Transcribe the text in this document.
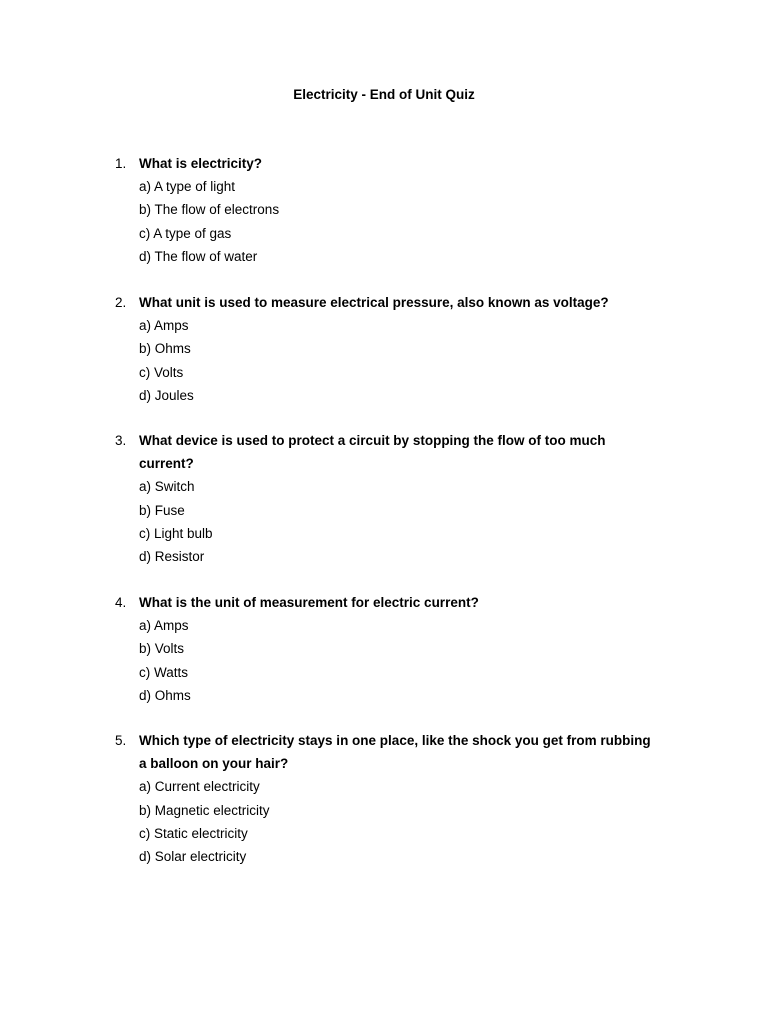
Electricity - End of Unit Quiz
1. What is electricity?
a) A type of light
b) The flow of electrons
c) A type of gas
d) The flow of water
2. What unit is used to measure electrical pressure, also known as voltage?
a) Amps
b) Ohms
c) Volts
d) Joules
3. What device is used to protect a circuit by stopping the flow of too much current?
a) Switch
b) Fuse
c) Light bulb
d) Resistor
4. What is the unit of measurement for electric current?
a) Amps
b) Volts
c) Watts
d) Ohms
5. Which type of electricity stays in one place, like the shock you get from rubbing a balloon on your hair?
a) Current electricity
b) Magnetic electricity
c) Static electricity
d) Solar electricity
